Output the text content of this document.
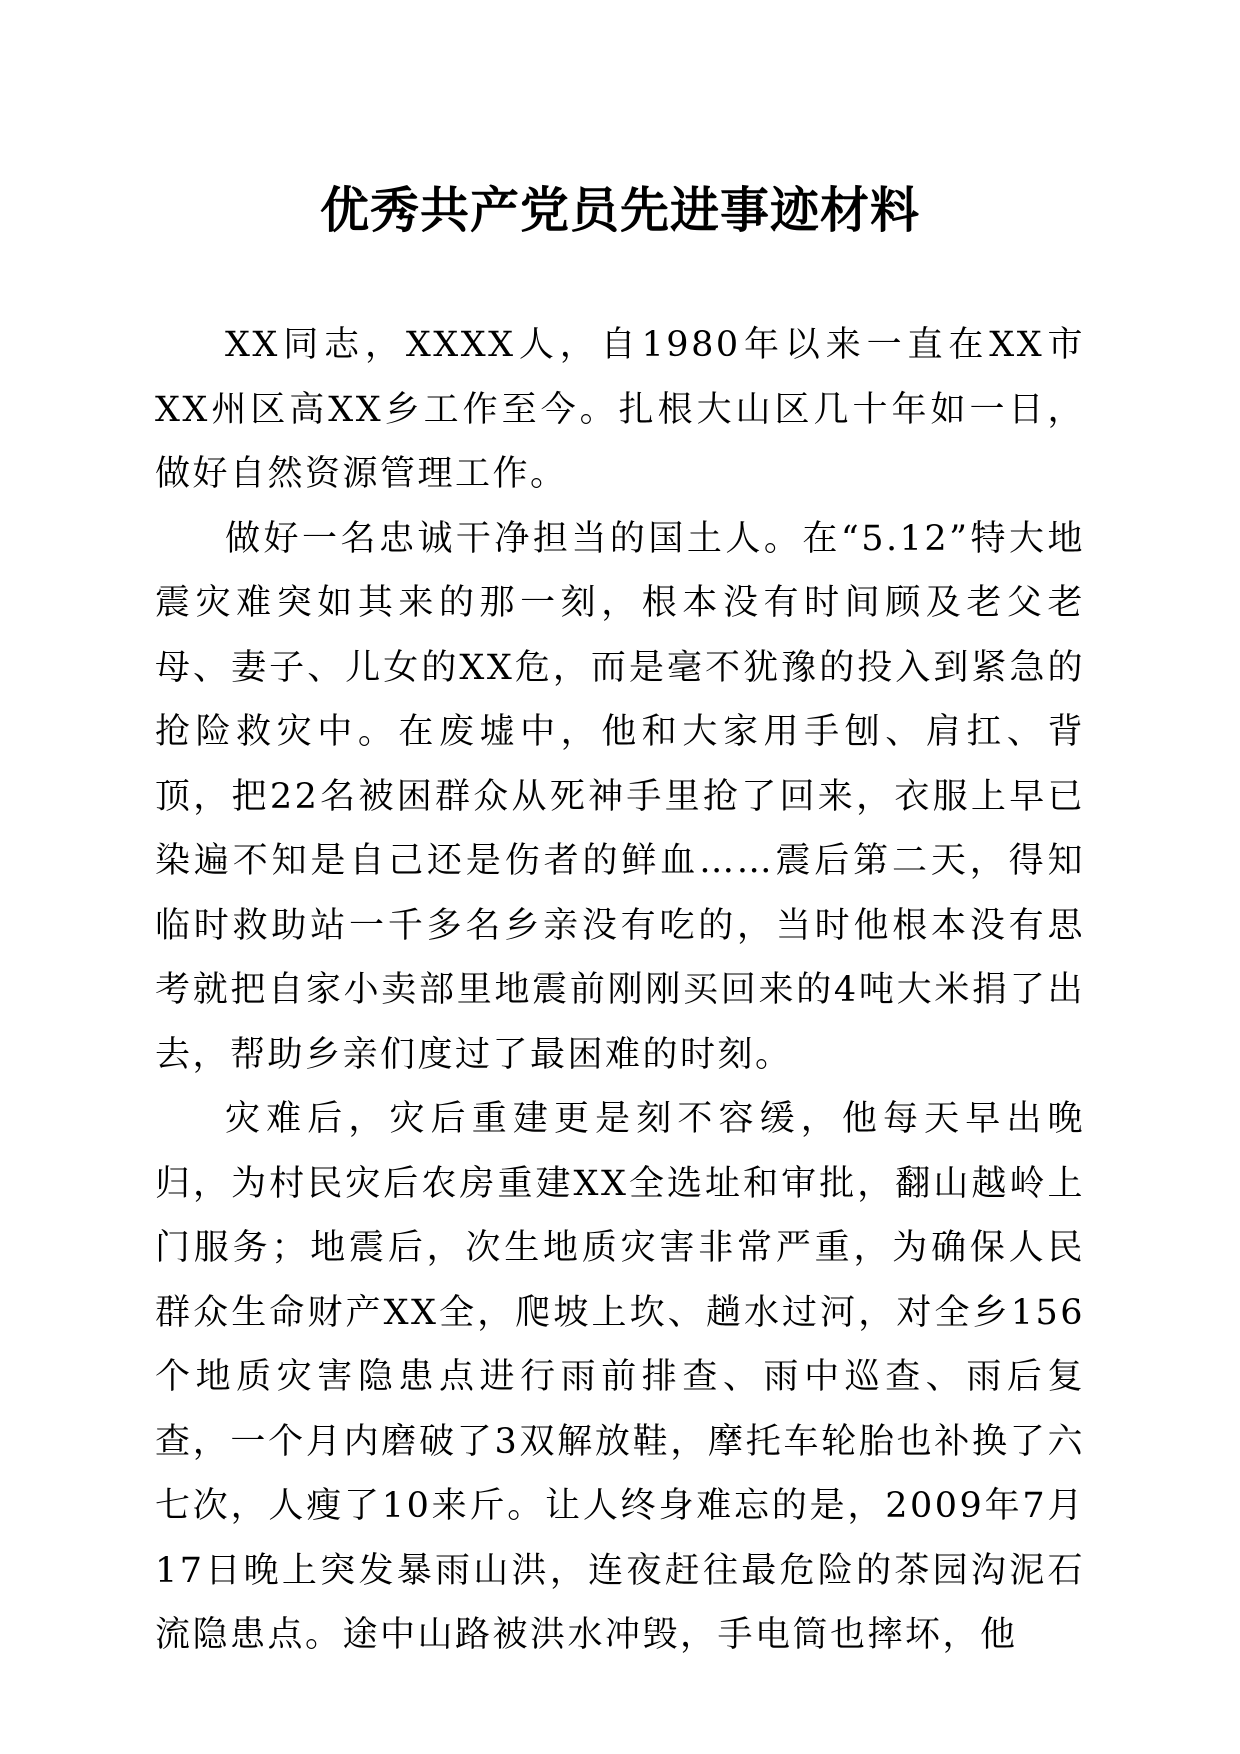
优秀共产党员先进事迹材料

XX同志，XXXX人，自1980年以来一直在XX市XX州区高XX乡工作至今。扎根大山区几十年如一日，做好自然资源管理工作。

做好一名忠诚干净担当的国土人。在“5.12”特大地震灾难突如其来的那一刻，根本没有时间顾及老父老母、妻子、儿女的XX危，而是毫不犹豫的投入到紧急的抢险救灾中。在废墟中，他和大家用手刨、肩扛、背顶，把22名被困群众从死神手里抢了回来，衣服上早已染遍不知是自己还是伤者的鲜血……震后第二天，得知临时救助站一千多名乡亲没有吃的，当时他根本没有思考就把自家小卖部里地震前刚刚买回来的4吨大米捐了出去，帮助乡亲们度过了最困难的时刻。

灾难后，灾后重建更是刻不容缓，他每天早出晚归，为村民灾后农房重建XX全选址和审批，翻山越岭上门服务；地震后，次生地质灾害非常严重，为确保人民群众生命财产XX全，爬坡上坎、趟水过河，对全乡156个地质灾害隐患点进行雨前排查、雨中巡查、雨后复查，一个月内磨破了3双解放鞋，摩托车轮胎也补换了六七次，人瘦了10来斤。让人终身难忘的是，2009年7月17日晚上突发暴雨山洪，连夜赶往最危险的茶园沟泥石流隐患点。途中山路被洪水冲毁，手电筒也摔坏，他
